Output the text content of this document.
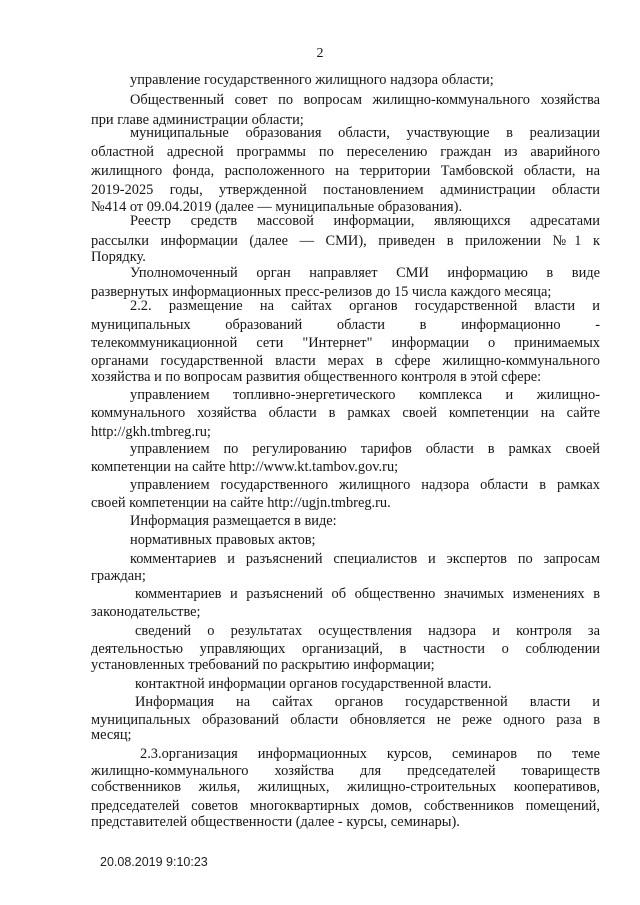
2
управление государственного жилищного надзора области;
Общественный совет по вопросам жилищно-коммунального хозяйства
при главе администрации области;
муниципальные образования области, участвующие в реализации
областной адресной программы по переселению граждан из аварийного
жилищного фонда, расположенного на территории Тамбовской области, на
2019-2025 годы, утвержденной постановлением администрации области
№414 от 09.04.2019 (далее — муниципальные образования).
Реестр средств массовой информации, являющихся адресатами
рассылки информации (далее — СМИ), приведен в приложении №1 к
Порядку.
Уполномоченный орган направляет СМИ информацию в виде
развернутых информационных пресс-релизов до 15 числа каждого месяца;
2.2. размещение на сайтах органов государственной власти и
муниципальных образований области в информационно -
телекоммуникационной сети "Интернет" информации о принимаемых
органами государственной власти мерах в сфере жилищно-коммунального
хозяйства и по вопросам развития общественного контроля в этой сфере:
управлением топливно-энергетического комплекса и жилищно-
коммунального хозяйства области в рамках своей компетенции на сайте
http://gkh.tmbreg.ru;
управлением по регулированию тарифов области в рамках своей
компетенции на сайте http://www.kt.tambov.gov.ru;
управлением государственного жилищного надзора области в рамках
своей компетенции на сайте http://ugjn.tmbreg.ru.
Информация размещается в виде:
нормативных правовых актов;
комментариев и разъяснений специалистов и экспертов по запросам
граждан;
комментариев и разъяснений об общественно значимых изменениях в
законодательстве;
сведений о результатах осуществления надзора и контроля за
деятельностью управляющих организаций, в частности о соблюдении
установленных требований по раскрытию информации;
контактной информации органов государственной власти.
Информация на сайтах органов государственной власти и
муниципальных образований области обновляется не реже одного раза в
месяц;
2.3.организация информационных курсов, семинаров по теме
жилищно-коммунального хозяйства для председателей товариществ
собственников жилья, жилищных, жилищно-строительных кооперативов,
председателей советов многоквартирных домов, собственников помещений,
представителей общественности (далее - курсы, семинары).
20.08.2019 9:10:23
